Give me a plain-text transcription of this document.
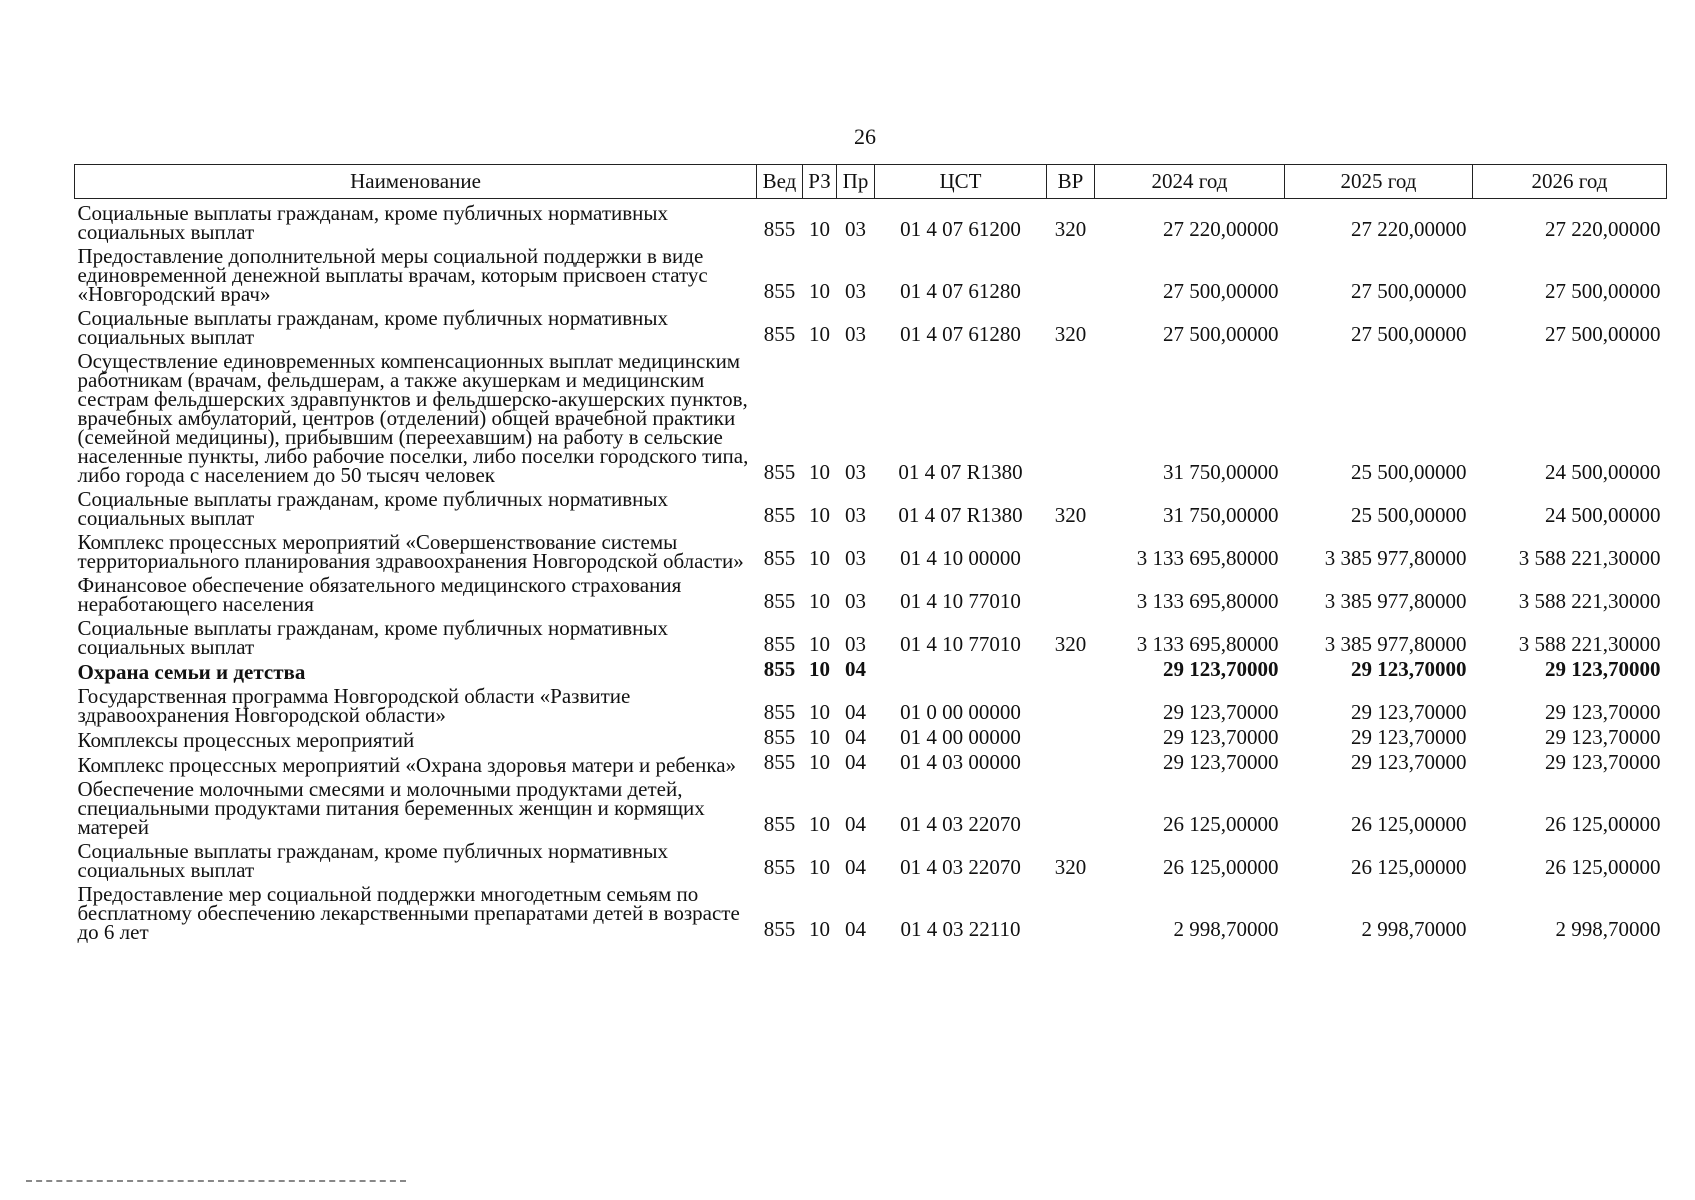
26
Наименование	Вед	РЗ	Пр	ЦСТ	ВР	2024 год	2025 год	2026 год
Социальные выплаты гражданам, кроме публичных нормативных социальных выплат	855	10	03	01 4 07 61200	320	27 220,00000	27 220,00000	27 220,00000
Предоставление дополнительной меры социальной поддержки в виде единовременной денежной выплаты врачам, которым присвоен статус «Новгородский врач»	855	10	03	01 4 07 61280		27 500,00000	27 500,00000	27 500,00000
Социальные выплаты гражданам, кроме публичных нормативных социальных выплат	855	10	03	01 4 07 61280	320	27 500,00000	27 500,00000	27 500,00000
Осуществление единовременных компенсационных выплат медицинским работникам (врачам, фельдшерам, а также акушеркам и медицинским сестрам фельдшерских здравпунктов и фельдшерско-акушерских пунктов, врачебных амбулаторий, центров (отделений) общей врачебной практики (семейной медицины), прибывшим (переехавшим) на работу в сельские населенные пункты, либо рабочие поселки, либо поселки городского типа, либо города с населением до 50 тысяч человек	855	10	03	01 4 07 R1380		31 750,00000	25 500,00000	24 500,00000
Социальные выплаты гражданам, кроме публичных нормативных социальных выплат	855	10	03	01 4 07 R1380	320	31 750,00000	25 500,00000	24 500,00000
Комплекс процессных мероприятий «Совершенствование системы территориального планирования здравоохранения Новгородской области»	855	10	03	01 4 10 00000		3 133 695,80000	3 385 977,80000	3 588 221,30000
Финансовое обеспечение обязательного медицинского страхования неработающего населения	855	10	03	01 4 10 77010		3 133 695,80000	3 385 977,80000	3 588 221,30000
Социальные выплаты гражданам, кроме публичных нормативных социальных выплат	855	10	03	01 4 10 77010	320	3 133 695,80000	3 385 977,80000	3 588 221,30000
Охрана семьи и детства	855	10	04			29 123,70000	29 123,70000	29 123,70000
Государственная программа Новгородской области «Развитие здравоохранения Новгородской области»	855	10	04	01 0 00 00000		29 123,70000	29 123,70000	29 123,70000
Комплексы процессных мероприятий	855	10	04	01 4 00 00000		29 123,70000	29 123,70000	29 123,70000
Комплекс процессных мероприятий «Охрана здоровья матери и ребенка»	855	10	04	01 4 03 00000		29 123,70000	29 123,70000	29 123,70000
Обеспечение молочными смесями и молочными продуктами детей, специальными продуктами питания беременных женщин и кормящих матерей	855	10	04	01 4 03 22070		26 125,00000	26 125,00000	26 125,00000
Социальные выплаты гражданам, кроме публичных нормативных социальных выплат	855	10	04	01 4 03 22070	320	26 125,00000	26 125,00000	26 125,00000
Предоставление мер социальной поддержки многодетным семьям по бесплатному обеспечению лекарственными препаратами детей в возрасте до 6 лет	855	10	04	01 4 03 22110		2 998,70000	2 998,70000	2 998,70000
